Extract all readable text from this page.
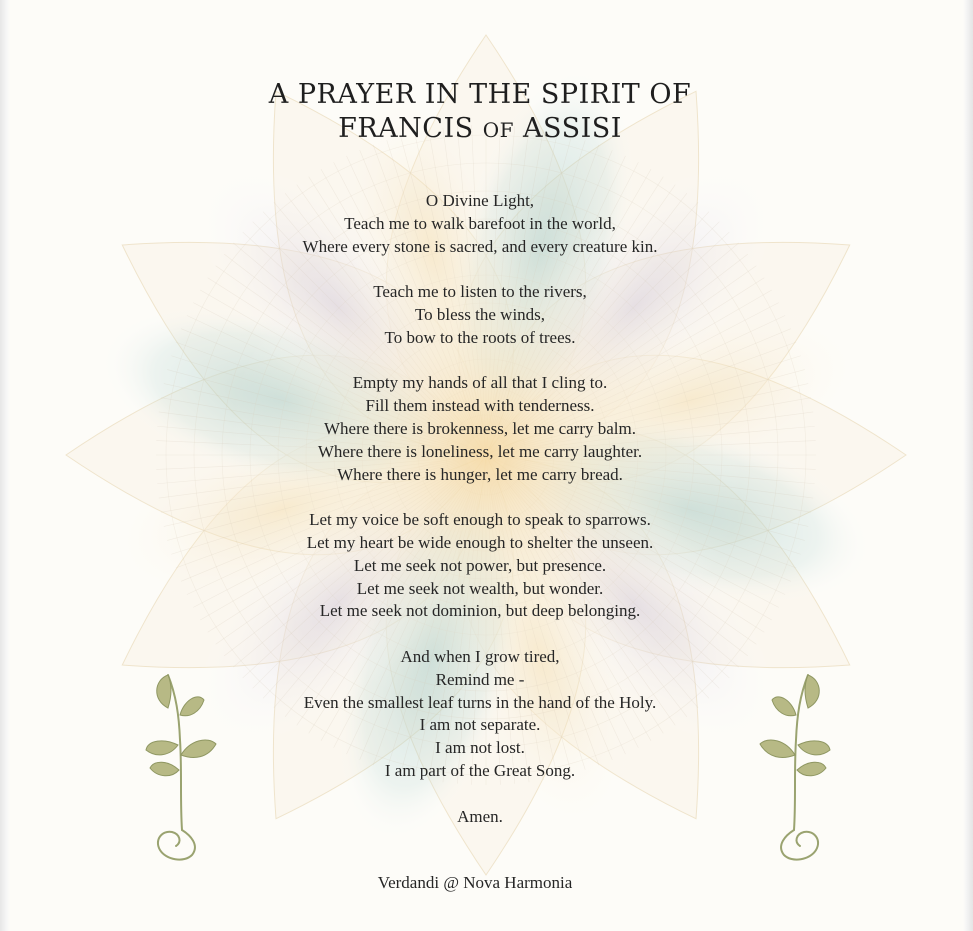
A PRAYER IN THE SPIRIT OF
FRANCIS OF ASSISI
O Divine Light,
Teach me to walk barefoot in the world,
Where every stone is sacred, and every creature kin.
Teach me to listen to the rivers,
To bless the winds,
To bow to the roots of trees.
Empty my hands of all that I cling to.
Fill them instead with tenderness.
Where there is brokenness, let me carry balm.
Where there is loneliness, let me carry laughter.
Where there is hunger, let me carry bread.
Let my voice be soft enough to speak to sparrows.
Let my heart be wide enough to shelter the unseen.
Let me seek not power, but presence.
Let me seek not wealth, but wonder.
Let me seek not dominion, but deep belonging.
And when I grow tired,
Remind me -
Even the smallest leaf turns in the hand of the Holy.
I am not separate.
I am not lost.
I am part of the Great Song.
Amen.
Verdandi @ Nova Harmonia
